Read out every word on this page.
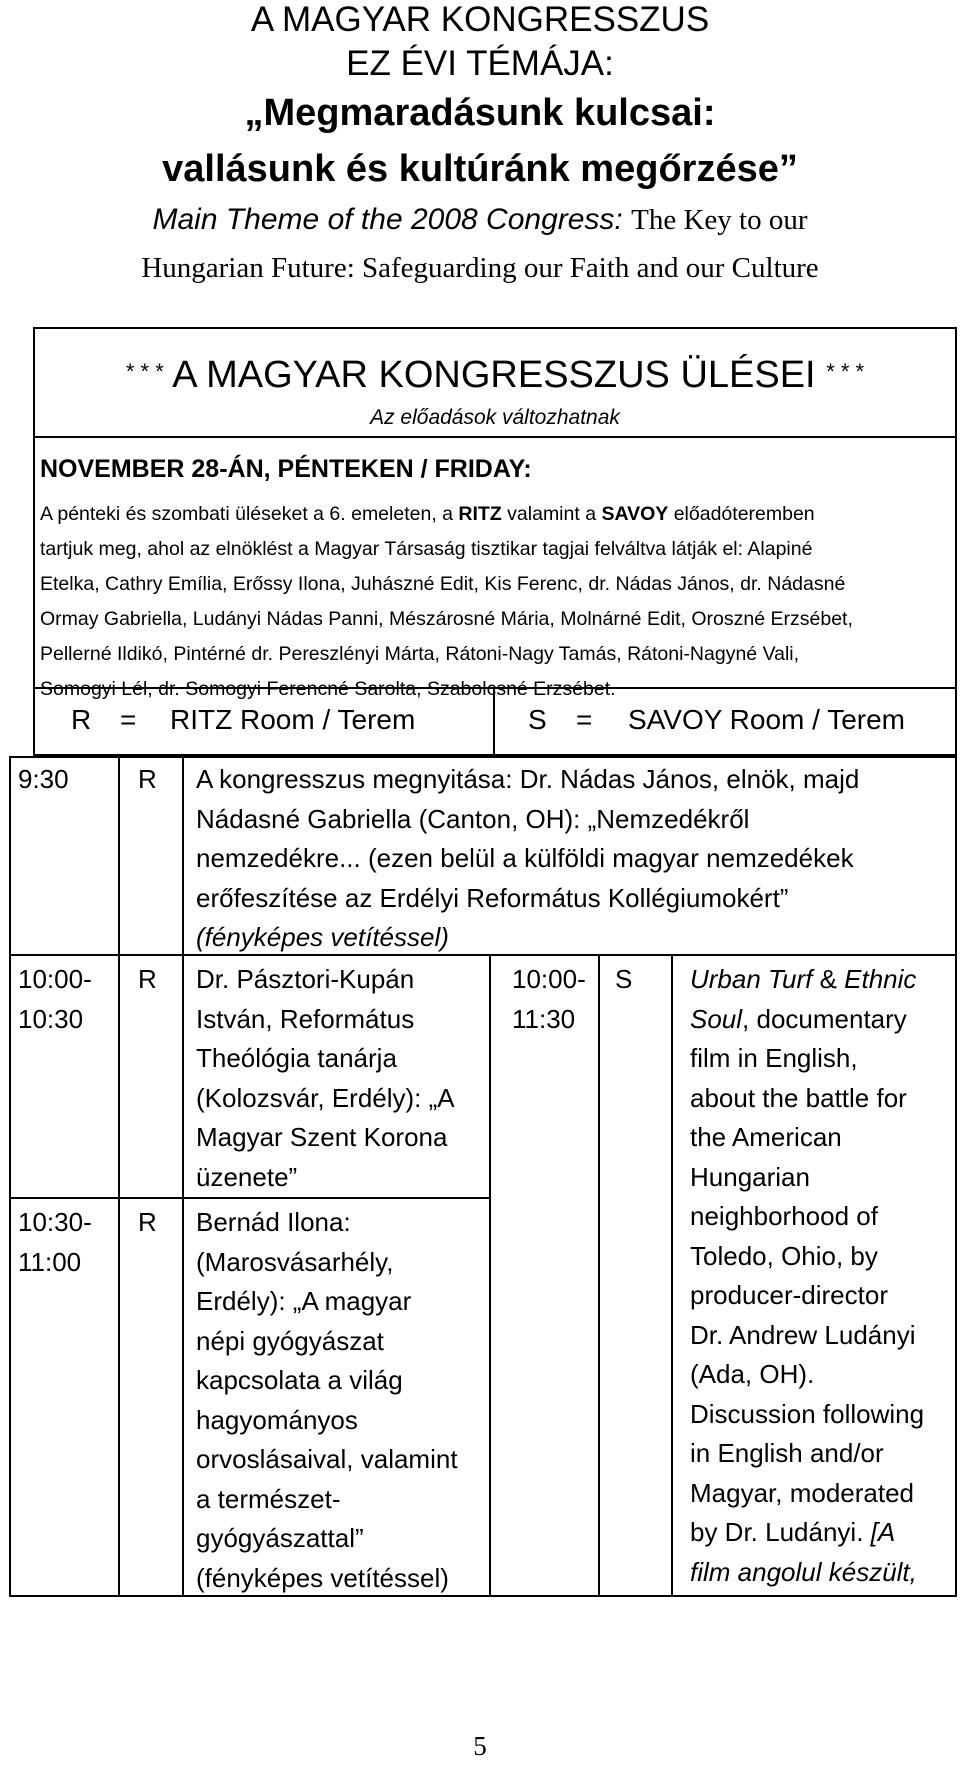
A MAGYAR KONGRESSZUS
EZ ÉVI TÉMÁJA:
„Megmaradásunk kulcsai:
vallásunk és kultúránk megőrzése”
Main Theme of the 2008 Congress: The Key to our
Hungarian Future: Safeguarding our Faith and our Culture
* * * A MAGYAR KONGRESSZUS ÜLÉSEI * * *
Az előadások változhatnak
NOVEMBER 28-ÁN, PÉNTEKEN / FRIDAY:
A pénteki és szombati üléseket a 6. emeleten, a RITZ valamint a SAVOY előadóteremben
tartjuk meg, ahol az elnöklést a Magyar Társaság tisztikar tagjai felváltva látják el: Alapiné
Etelka, Cathry Emília, Erőssy Ilona, Juhászné Edit, Kis Ferenc, dr. Nádas János, dr. Nádasné
Ormay Gabriella, Ludányi Nádas Panni, Mészárosné Mária, Molnárné Edit, Oroszné Erzsébet,
Pellerné Ildikó, Pintérné dr. Pereszlényi Márta, Rátoni-Nagy Tamás, Rátoni-Nagyné Vali,
Somogyi Lél, dr. Somogyi Ferencné Sarolta, Szabolcsné Erzsébet.
R = RITZ Room / Terem	S = SAVOY Room / Terem
9:30	R A kongresszus megnyitása: Dr. Nádas János, elnök, majd
Nádasné Gabriella (Canton, OH): „Nemzedékről
nemzedékre... (ezen belül a külföldi magyar nemzedékek
erőfeszítése az Erdélyi Református Kollégiumokért”
(fényképes vetítéssel)
10:00-
10:30
R Dr. Pásztori-Kupán
István, Református
Theólógia tanárja
(Kolozsvár, Erdély): „A
Magyar Szent Korona
üzenete”
10:30-
11:00
R Bernád Ilona:
(Marosvásarhély,
Erdély): „A magyar
népi gyógyászat
kapcsolata a világ
hagyományos
orvoslásaival, valamint
a természet-
gyógyászattal”
(fényképes vetítéssel)
10:00-
11:30
S Urban Turf & Ethnic
Soul, documentary
film in English,
about the battle for
the American
Hungarian
neighborhood of
Toledo, Ohio, by
producer-director
Dr. Andrew Ludányi
(Ada, OH).
Discussion following
in English and/or
Magyar, moderated
by Dr. Ludányi. [A
film angolul készült,
5
